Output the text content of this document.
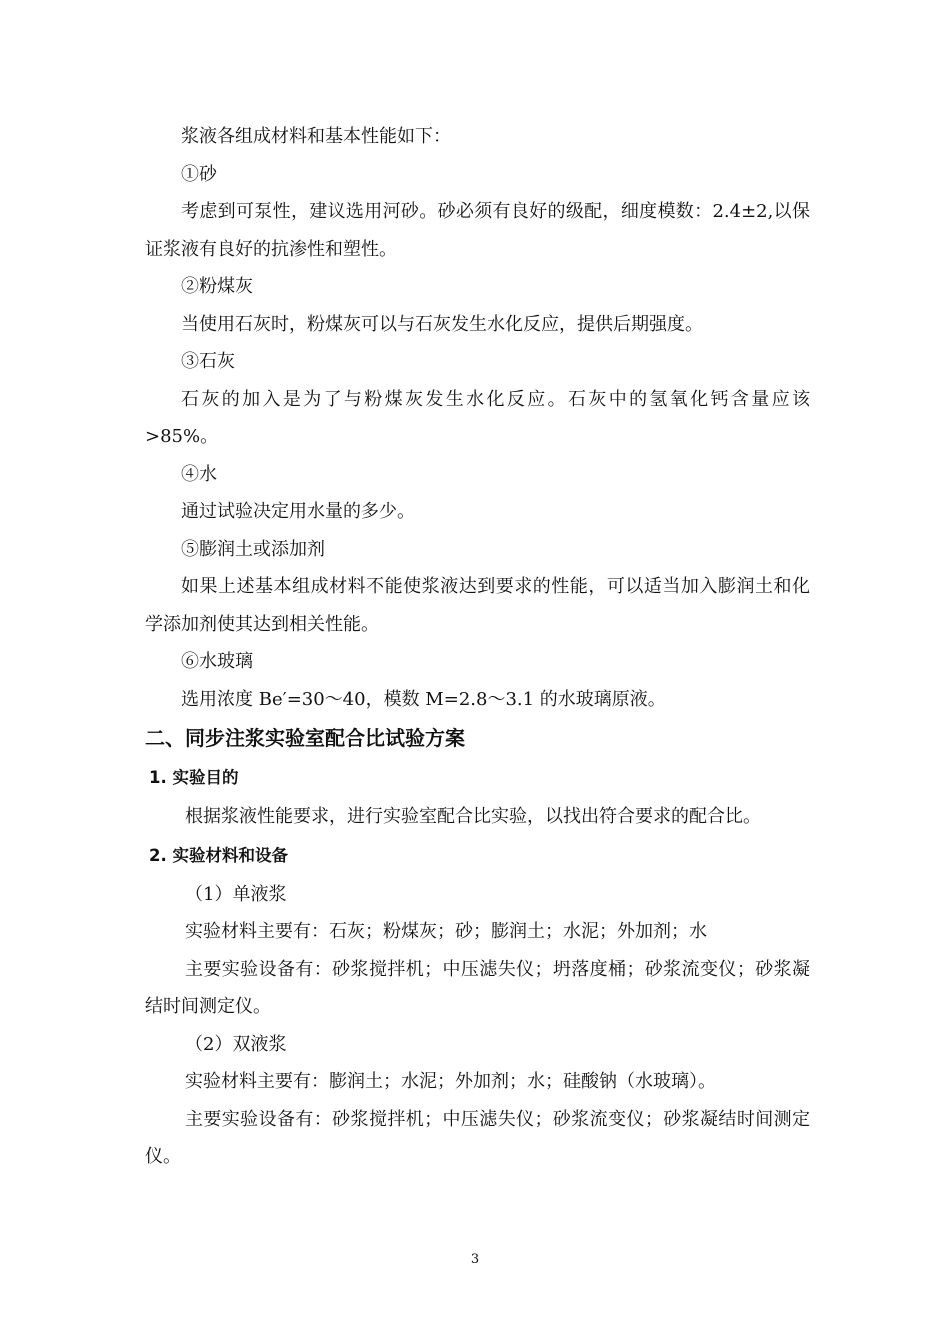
浆液各组成材料和基本性能如下：

①砂

考虑到可泵性，建议选用河砂。砂必须有良好的级配，细度模数：2.4±2,以保证浆液有良好的抗渗性和塑性。

②粉煤灰

当使用石灰时，粉煤灰可以与石灰发生水化反应，提供后期强度。

③石灰

石灰的加入是为了与粉煤灰发生水化反应。石灰中的氢氧化钙含量应该>85%。

④水

通过试验决定用水量的多少。

⑤膨润土或添加剂

如果上述基本组成材料不能使浆液达到要求的性能，可以适当加入膨润土和化学添加剂使其达到相关性能。

⑥水玻璃

选用浓度 Be′=30～40，模数 M=2.8～3.1 的水玻璃原液。

二、同步注浆实验室配合比试验方案
1. 实验目的

根据浆液性能要求，进行实验室配合比实验，以找出符合要求的配合比。

2. 实验材料和设备

（1）单液浆

实验材料主要有：石灰；粉煤灰；砂；膨润土；水泥；外加剂；水

主要实验设备有：砂浆搅拌机；中压滤失仪；坍落度桶；砂浆流变仪；砂浆凝结时间测定仪。

（2）双液浆

实验材料主要有：膨润土；水泥；外加剂；水；硅酸钠（水玻璃）。

主要实验设备有：砂浆搅拌机；中压滤失仪；砂浆流变仪；砂浆凝结时间测定仪。

3
